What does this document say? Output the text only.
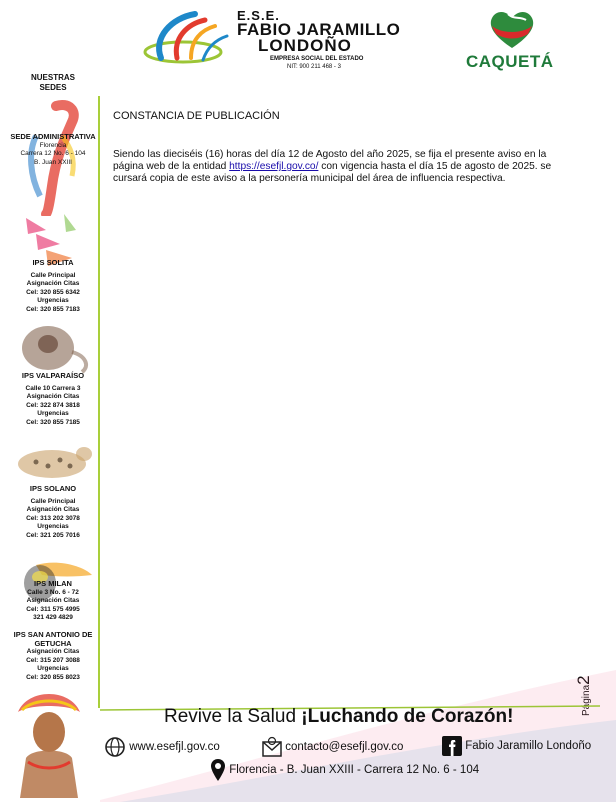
E.S.E.
FABIO JARAMILLO
LONDOÑO
EMPRESA SOCIAL DEL ESTADO
NIT: 900 211 468 - 3	CAQUETÁ
NUESTRAS SEDES
SEDE ADMINISTRATIVA
Florencia
Carrera 12 No. 6 - 104
B. Juan XXIII
IPS SOLITA
Calle Principal
Asignación Citas
Cel: 320 855 6342
Urgencias
Cel: 320 855 7183
IPS VALPARAÍSO
Calle 10 Carrera 3
Asignación Citas
Cel: 322 874 3818
Urgencias
Cel: 320 855 7185
IPS SOLANO
Calle Principal
Asignación Citas
Cel: 313 202 3078
Urgencias
Cel: 321 205 7016
IPS MILAN
Calle 3 No. 6 - 72
Asignación Citas
Cel: 311 575 4995
321 429 4829
IPS SAN ANTONIO DE GETUCHA
Asignación Citas
Cel: 315 207 3088
Urgencias
Cel: 320 855 8023
CONSTANCIA DE PUBLICACIÓN
Siendo las dieciséis (16) horas del día 12 de Agosto del año 2025, se fija el presente aviso en la página web de la entidad https://esefjl.gov.co/ con vigencia hasta el día 15 de agosto de 2025. se cursará copia de este aviso a la personería municipal del área de influencia respectiva.
Página2
Revive la Salud ¡Luchando de Corazón!
www.esefjl.gov.co	contacto@esefjl.gov.co	Fabio Jaramillo Londoño
Florencia - B. Juan XXIII - Carrera 12 No. 6 - 104
